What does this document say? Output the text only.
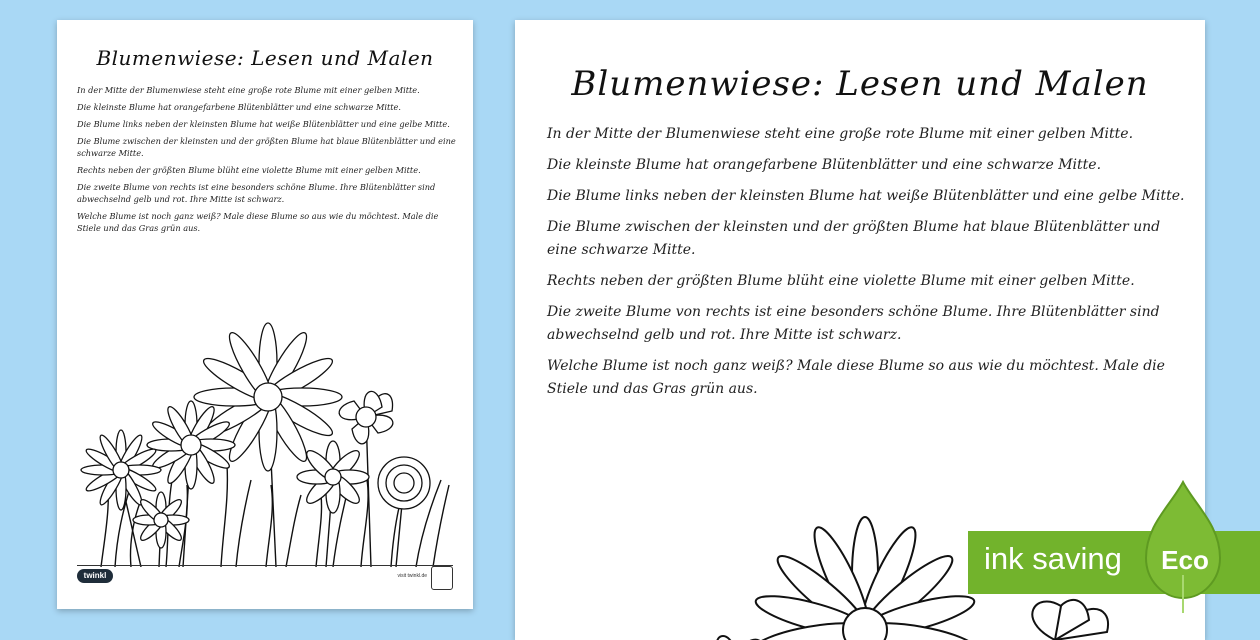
Blumenwiese: Lesen und Malen

In der Mitte der Blumenwiese steht eine große rote Blume mit einer gelben Mitte.

Die kleinste Blume hat orangefarbene Blütenblätter und eine schwarze Mitte.

Die Blume links neben der kleinsten Blume hat weiße Blütenblätter und eine gelbe Mitte.

Die Blume zwischen der kleinsten und der größten Blume hat blaue Blütenblätter und eine schwarze Mitte.

Rechts neben der größten Blume blüht eine violette Blume mit einer gelben Mitte.

Die zweite Blume von rechts ist eine besonders schöne Blume. Ihre Blütenblätter sind abwechselnd gelb und rot. Ihre Mitte ist schwarz.

Welche Blume ist noch ganz weiß? Male diese Blume so aus wie du möchtest. Male die Stiele und das Gras grün aus.

twinkl	visit twinkl.de
Blumenwiese: Lesen und Malen

In der Mitte der Blumenwiese steht eine große rote Blume mit einer gelben Mitte.

Die kleinste Blume hat orangefarbene Blütenblätter und eine schwarze Mitte.

Die Blume links neben der kleinsten Blume hat weiße Blütenblätter und eine gelbe Mitte.

Die Blume zwischen der kleinsten und der größten Blume hat blaue Blütenblätter und eine schwarze Mitte.

Rechts neben der größten Blume blüht eine violette Blume mit einer gelben Mitte.

Die zweite Blume von rechts ist eine besonders schöne Blume. Ihre Blütenblätter sind abwechselnd gelb und rot. Ihre Mitte ist schwarz.

Welche Blume ist noch ganz weiß? Male diese Blume so aus wie du möchtest. Male die Stiele und das Gras grün aus.

ink saving Eco
